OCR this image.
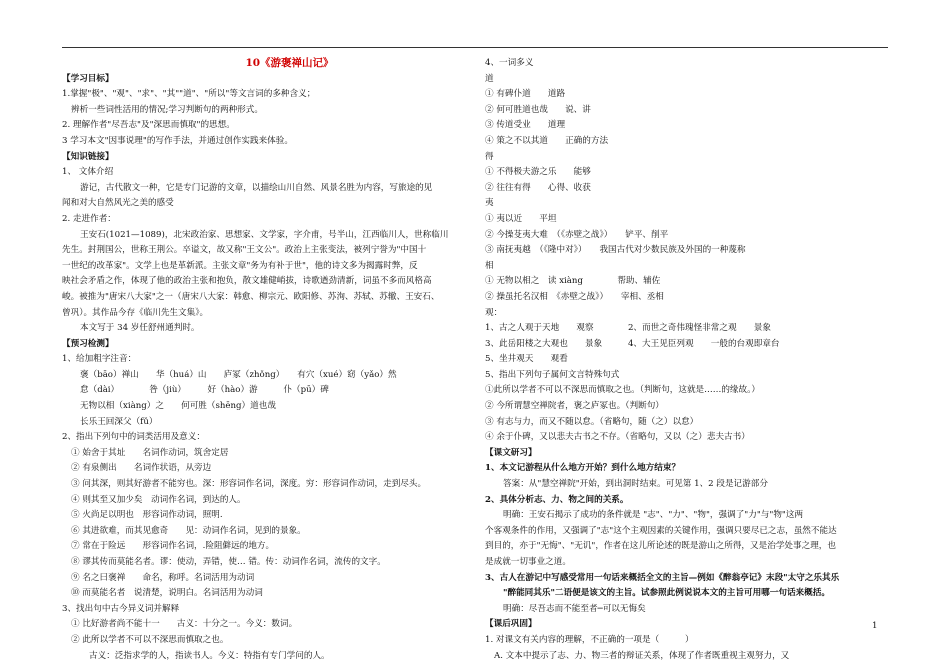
10《游褒禅山记》

【学习目标】

1.掌握"极"、"观"、"求"、"其""道"、"所以"等文言词的多种含义；

辨析一些词性活用的情况;学习判断句的两种形式。

2. 理解作者"尽吾志"及"深思而慎取"的思想。

3 学习本文"因事说理"的写作手法，并通过创作实践来体验。

【知识链接】

1、 文体介绍

游记，古代散文一种，它是专门记游的文章，以描绘山川自然、风景名胜为内容，写旅途的见

闻和对大自然风光之美的感受

2. 走进作者：

王安石(1021—1089)，北宋政治家、思想家、文学家，字介甫，号半山，江西临川人，世称临川

先生。封荆国公，世称王荆公。卒谥文，故又称"王文公"。政治上主张变法，被列宁誉为"中国十

一世纪的改革家"。文学上也是革新派。主张文章"务为有补于世"，他的诗文多为揭露时弊，反

映社会矛盾之作，体现了他的政治主张和抱负，散文雄健峭拔，诗歌遒劲清新，词虽不多而风格高

峻。被推为"唐宋八大家"之一（唐宋八大家：韩愈、柳宗元、欧阳修、苏洵、苏轼、苏辙、王安石、

曾巩）。其作品今存《临川先生文集》。

本文写于 34 岁任舒州通判时。

【预习检测】

1、给加粗字注音：

褒（bāo）禅山　　华（huá）山　　庐冢（zhǒng）　　有穴（xué）窈（yǎo）然

怠（dài）　　　　咎（jiù）　　　好（hào）游　　　仆（pū）碑

无物以相（xiàng）之　　何可胜（shēng）道也哉

长乐王回深父（fǔ）

2、指出下列句中的词类活用及意义：

① 始舍于其址　　名词作动词，筑舍定居

② 有泉侧出　　名词作状语，从旁边

③ 问其深，则其好游者不能穷也。深：形容词作名词，深度。穷：形容词作动词，走到尽头。

④ 则其至又加少矣　动词作名词，到达的人。

⑤ 火尚足以明也　形容词作动词，照明.

⑥ 其进欲难，而其见愈奇　　见：动词作名词，见到的景象。

⑦ 常在于险远　　形容词作名词，.险阻僻远的地方。

⑧ 谬其传而莫能名者。谬：使动，弄错，使… 错。传：动词作名词，流传的文字。

⑨ 名之曰褒禅　　命名，称呼。名词活用为动词

⑩ 而莫能名者　说清楚，说明白。名词活用为动词

3、找出句中古今异义词并解释

① 比好游者尚不能十一　　古义：十分之一。今义：数词。

② 此所以学者不可以不深思而慎取之也。

古义：泛指求学的人，指读书人。今义：特指有专门学问的人。

4、一词多义

道

① 有碑仆道　　道路

② 何可胜道也哉　　说、讲

③ 传道受业　　道理

④ 策之不以其道　　正确的方法

得

① 不得极夫游之乐　　能够

② 往往有得　　心得、收获

夷

① 夷以近　　平坦

② 今操芟夷大难　（《赤壁之战》）　　铲平、削平

③ 南抚夷越　（《隆中对》）　　我国古代对少数民族及外国的一种蔑称

相

① 无物以相之　读 xiàng　　　　帮助、辅佐

② 操虽托名汉相　《赤壁之战》）　　宰相、丞相

观：

1、古之人观于天地　　观察　　　　2、而世之奇伟瑰怪非常之观　　景象

3、此岳阳楼之大观也　　景象　　　4、大王见臣列观　　一般的台观即章台

5、坐井观天　　观看

5、指出下列句子属何文言特殊句式

①此所以学者不可以不深思而慎取之也。（判断句，这就是……的缘故。）

② 今所谓慧空禅院者，褒之庐冢也。（判断句）

③ 有志与力，而又不随以怠。（省略句，随（之）以怠）

④ 余于仆碑，又以悲夫古书之不存。（省略句，又以（之）悲夫古书）

【课文研习】

1、本文记游程从什么地方开始？到什么地方结束？

答案：从"慧空禅院"开始，到出洞时结束。可见第 1、2 段是记游部分

2、具体分析志、力、物之间的关系。

明确：王安石揭示了成功的条件就是 "志"、"力"、"物"，强调了"力"与"物"这两

个客观条件的作用，又强调了"志"这个主观因素的关键作用，强调只要尽已之志，虽然不能达

到目的，亦于"无悔"、"无讥"，作者在这儿所论述的既是游山之所得，又是治学处事之理，也

是成就一切事业之道。

3、古人在游记中写感受常用一句话来概括全文的主旨—例如《醉翁亭记》末段"太守之乐其乐

"醉能同其乐"二语便是该文的主旨。试参照此例说说本文的主旨可用哪一句话来概括。

明确：尽吾志而不能至者─可以无悔矣

【课后巩固】

1. 对课文有关内容的理解，不正确的一项是（　　　）

A. 文本中提示了志、力、物三者的辩证关系，体现了作者既重视主观努力，又

1
